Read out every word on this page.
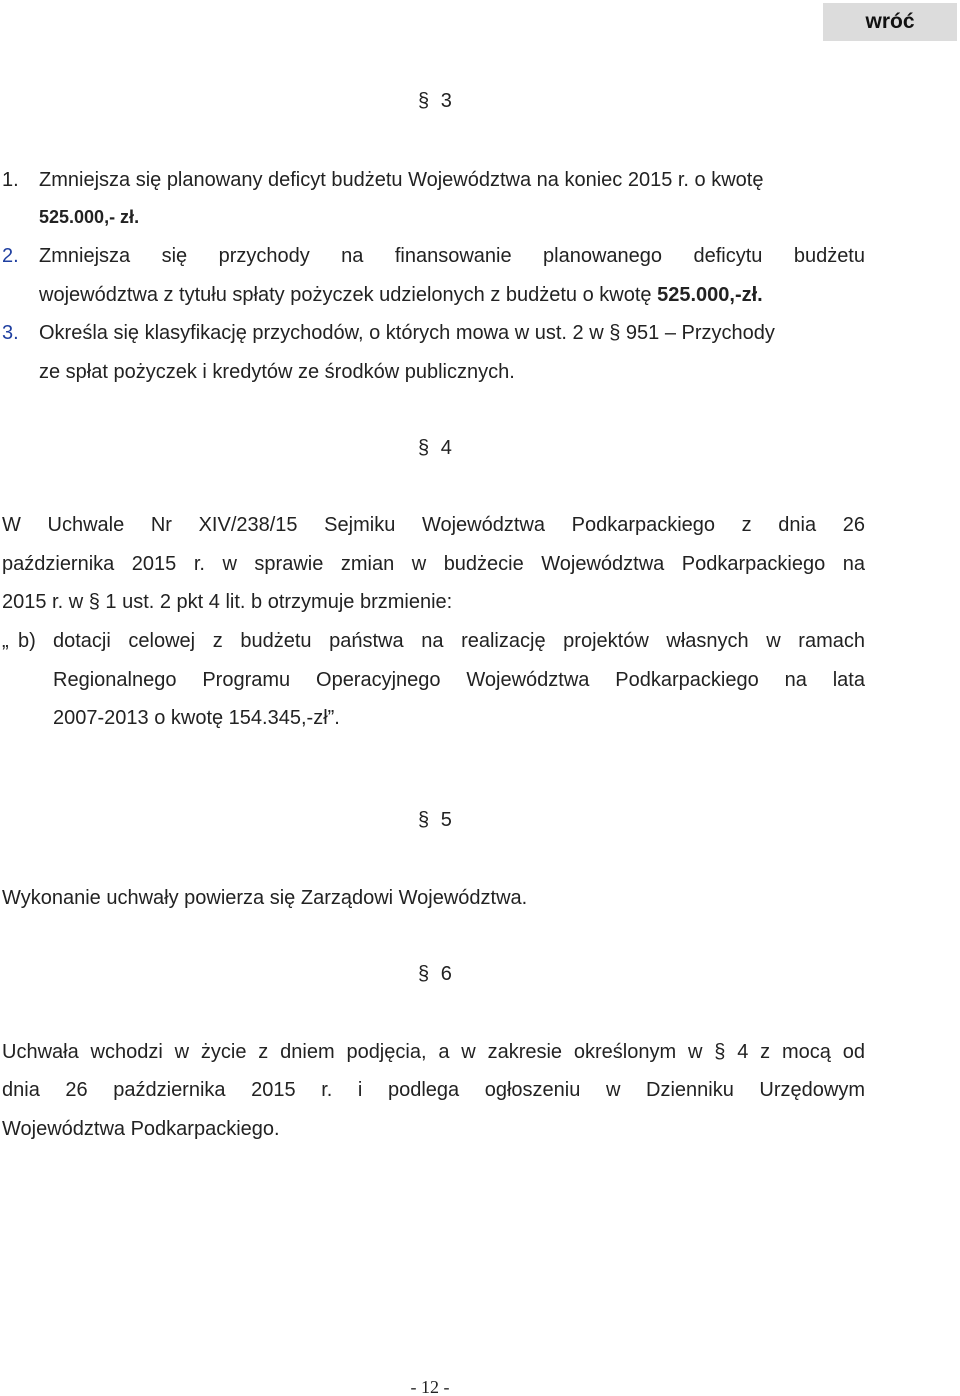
wróć
§ 3
1. Zmniejsza się planowany deficyt budżetu Województwa na koniec 2015 r. o kwotę
525.000,- zł.
2. Zmniejsza się przychody na finansowanie planowanego deficytu budżetu
województwa z tytułu spłaty pożyczek udzielonych z budżetu o kwotę 525.000,-zł.
3. Określa się klasyfikację przychodów, o których mowa w ust. 2 w § 951 – Przychody
ze spłat pożyczek i kredytów ze środków publicznych.
§ 4
W Uchwale Nr XIV/238/15 Sejmiku Województwa Podkarpackiego z dnia 26
października 2015 r. w sprawie zmian w budżecie Województwa Podkarpackiego na
2015 r. w § 1 ust. 2 pkt 4 lit. b otrzymuje brzmienie:
„ b) dotacji celowej z budżetu państwa na realizację projektów własnych w ramach
Regionalnego Programu Operacyjnego Województwa Podkarpackiego na lata
2007-2013 o kwotę 154.345,-zł”.
§ 5
Wykonanie uchwały powierza się Zarządowi Województwa.
§ 6
Uchwała wchodzi w życie z dniem podjęcia, a w zakresie określonym w § 4 z mocą od
dnia 26 października 2015 r. i podlega ogłoszeniu w Dzienniku Urzędowym
Województwa Podkarpackiego.
- 12 -
